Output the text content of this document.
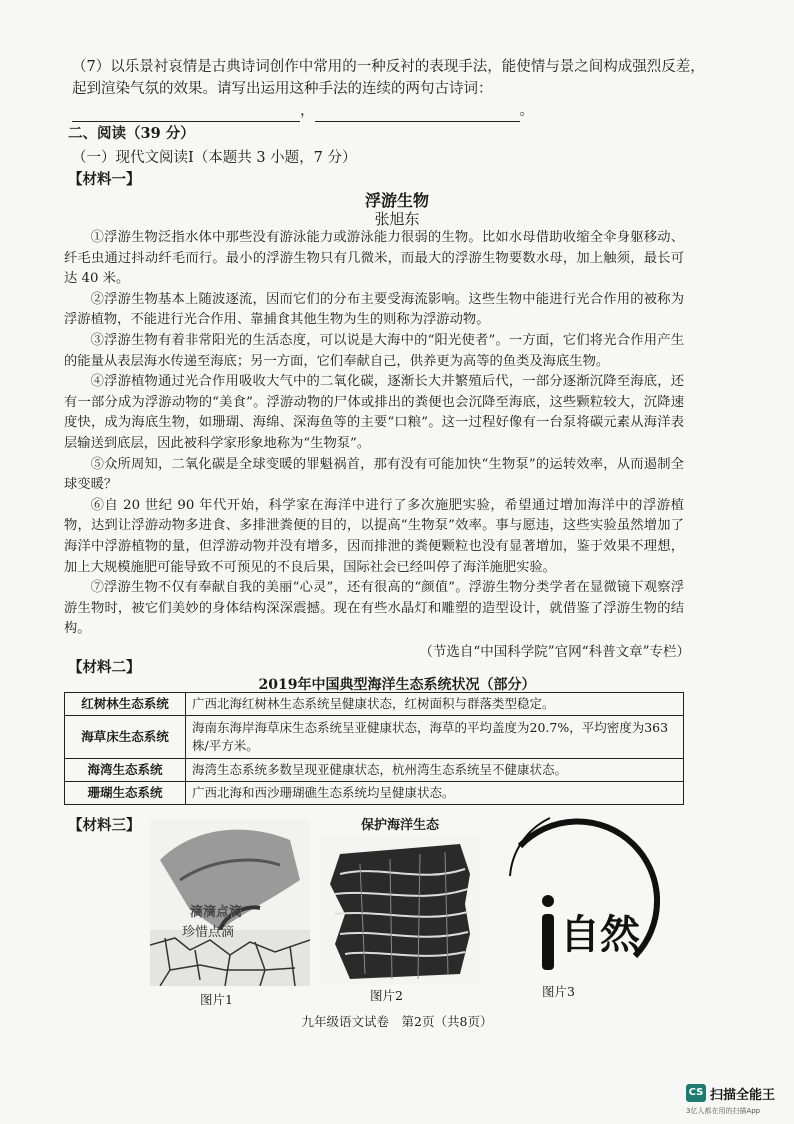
（7）以乐景衬哀情是古典诗词创作中常用的一种反衬的表现手法，能使情与景之间构成强烈反差，起到渲染气氛的效果。请写出运用这种手法的连续的两句古诗词：，	。
二、阅读（39 分）
（一）现代文阅读Ⅰ（本题共 3 小题，7 分）
【材料一】
浮游生物
张旭东

①浮游生物泛指水体中那些没有游泳能力或游泳能力很弱的生物。比如水母借助收缩全伞身躯移动、纤毛虫通过抖动纤毛而行。最小的浮游生物只有几微米，而最大的浮游生物要数水母，加上触须，最长可达 40 米。

②浮游生物基本上随波逐流，因而它们的分布主要受海流影响。这些生物中能进行光合作用的被称为浮游植物，不能进行光合作用、靠捕食其他生物为生的则称为浮游动物。

③浮游生物有着非常阳光的生活态度，可以说是大海中的“阳光使者”。一方面，它们将光合作用产生的能量从表层海水传递至海底；另一方面，它们奉献自己，供养更为高等的鱼类及海底生物。

④浮游植物通过光合作用吸收大气中的二氧化碳，逐渐长大并繁殖后代，一部分逐渐沉降至海底，还有一部分成为浮游动物的“美食”。浮游动物的尸体或排出的粪便也会沉降至海底，这些颗粒较大，沉降速度快，成为海底生物，如珊瑚、海绵、深海鱼等的主要“口粮”。这一过程好像有一台泵将碳元素从海洋表层输送到底层，因此被科学家形象地称为“生物泵”。

⑤众所周知，二氧化碳是全球变暖的罪魁祸首，那有没有可能加快“生物泵”的运转效率，从而遏制全球变暖？

⑥自 20 世纪 90 年代开始，科学家在海洋中进行了多次施肥实验，希望通过增加海洋中的浮游植物，达到让浮游动物多进食、多排泄粪便的目的，以提高“生物泵”效率。事与愿违，这些实验虽然增加了海洋中浮游植物的量，但浮游动物并没有增多，因而排泄的粪便颗粒也没有显著增加，鉴于效果不理想，加上大规模施肥可能导致不可预见的不良后果，国际社会已经叫停了海洋施肥实验。

⑦浮游生物不仅有奉献自我的美丽“心灵”，还有很高的“颜值”。浮游生物分类学者在显微镜下观察浮游生物时，被它们美妙的身体结构深深震撼。现在有些水晶灯和雕塑的造型设计，就借鉴了浮游生物的结构。

（节选自“中国科学院”官网“科普文章”专栏）
【材料二】
2019年中国典型海洋生态系统状况（部分）
红树林生态系统	广西北海红树林生态系统呈健康状态，红树面积与群落类型稳定。
海草床生态系统	海南东海岸海草床生态系统呈亚健康状态，海草的平均盖度为20.7%，平均密度为363株/平方米。
海湾生态系统	海湾生态系统多数呈现亚健康状态，杭州湾生态系统呈不健康状态。
珊瑚生态系统	广西北海和西沙珊瑚礁生态系统均呈健康状态。
【材料三】
滴滴点滴
珍惜点滴
图片1
保护海洋生态
图片2
自然
图片3
九年级语文试卷　第2页（共8页）
CS 扫描全能王
3亿人都在用的扫描App
